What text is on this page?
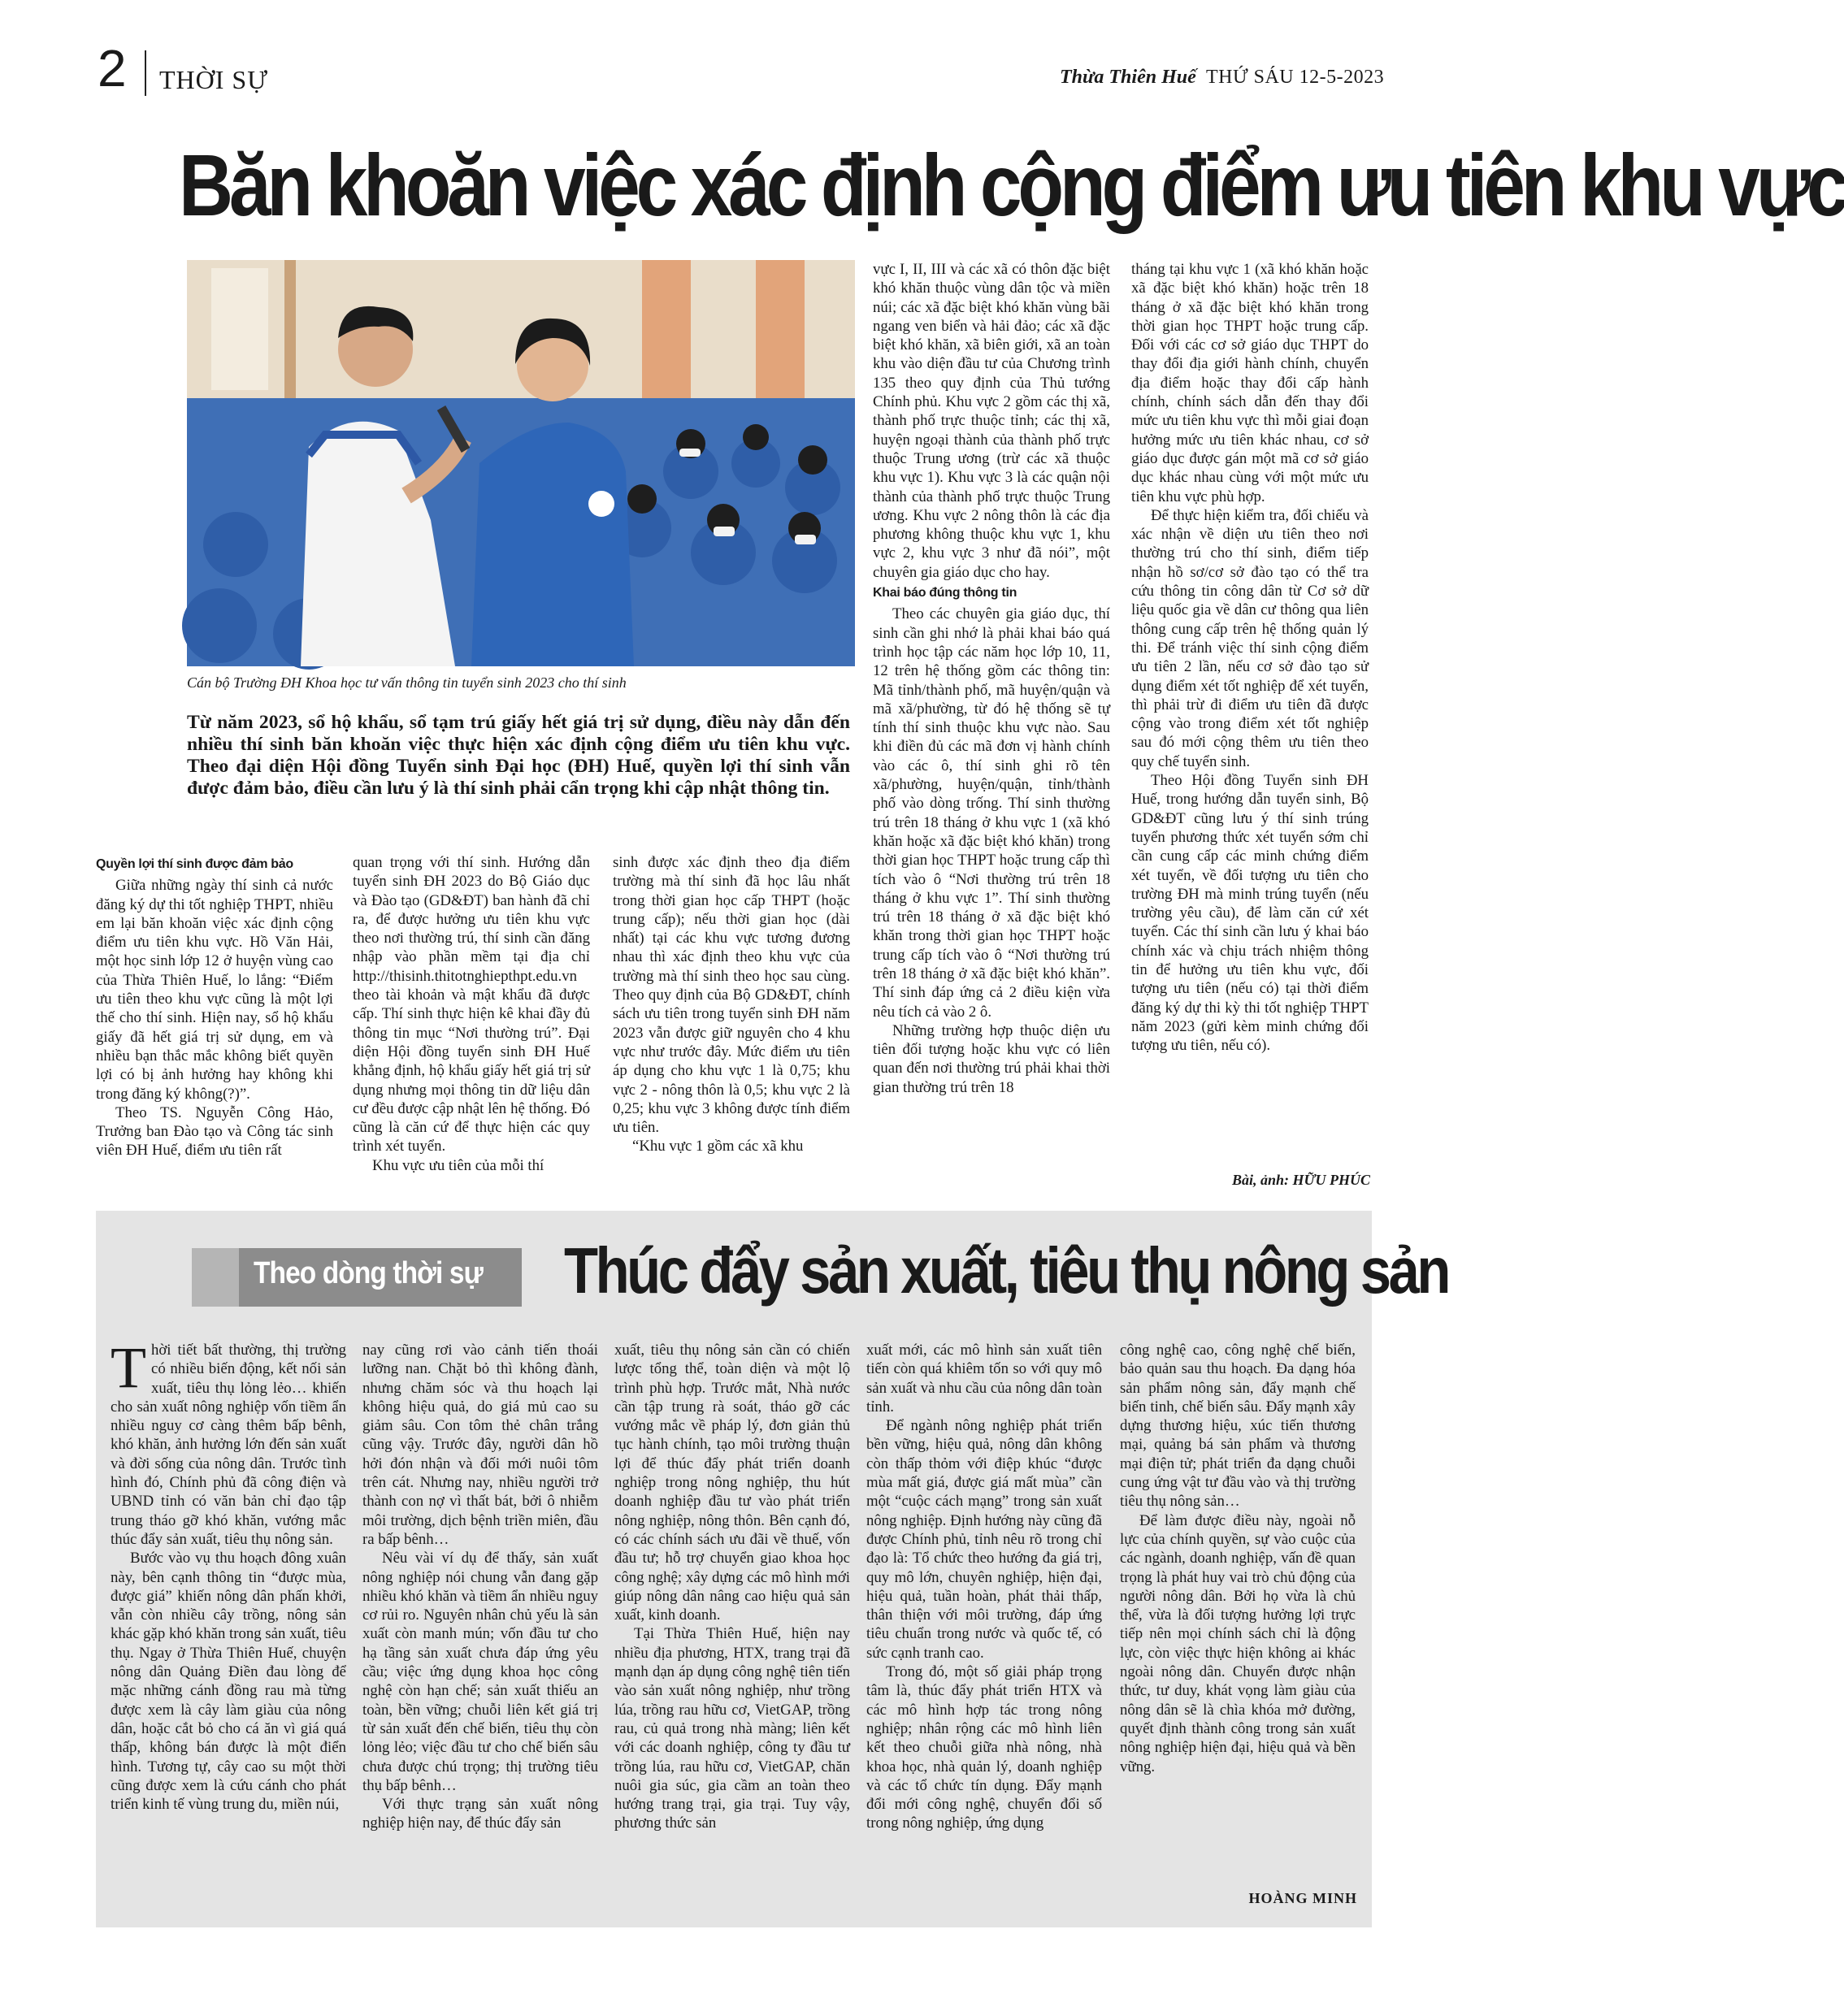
2 THỜI SỰ	Thừa Thiên Huế THỨ SÁU 12-5-2023
Băn khoăn việc xác định cộng điểm ưu tiên khu vực
Cán bộ Trường ĐH Khoa học tư vấn thông tin tuyển sinh 2023 cho thí sinh
Từ năm 2023, sổ hộ khẩu, sổ tạm trú giấy hết giá trị sử dụng, điều này dẫn đến nhiều thí sinh băn khoăn việc thực hiện xác định cộng điểm ưu tiên khu vực. Theo đại diện Hội đồng Tuyển sinh Đại học (ĐH) Huế, quyền lợi thí sinh vẫn được đảm bảo, điều cần lưu ý là thí sinh phải cẩn trọng khi cập nhật thông tin.

Quyền lợi thí sinh được đảm bảo

Giữa những ngày thí sinh cả nước đăng ký dự thi tốt nghiệp THPT, nhiều em lại băn khoăn việc xác định cộng điểm ưu tiên khu vực. Hồ Văn Hải, một học sinh lớp 12 ở huyện vùng cao của Thừa Thiên Huế, lo lắng: “Điểm ưu tiên theo khu vực cũng là một lợi thế cho thí sinh. Hiện nay, sổ hộ khẩu giấy đã hết giá trị sử dụng, em và nhiều bạn thắc mắc không biết quyền lợi có bị ảnh hưởng hay không khi trong đăng ký không(?)”.

Theo TS. Nguyễn Công Hảo, Trưởng ban Đào tạo và Công tác sinh viên ĐH Huế, điểm ưu tiên rất

quan trọng với thí sinh. Hướng dẫn tuyển sinh ĐH 2023 do Bộ Giáo dục và Đào tạo (GD&ĐT) ban hành đã chỉ ra, để được hưởng ưu tiên khu vực theo nơi thường trú, thí sinh cần đăng nhập vào phần mềm tại địa chỉ http://thisinh.thitotnghiepthpt.edu.vn theo tài khoản và mật khẩu đã được cấp. Thí sinh thực hiện kê khai đầy đủ thông tin mục “Nơi thường trú”. Đại diện Hội đồng tuyển sinh ĐH Huế khẳng định, hộ khẩu giấy hết giá trị sử dụng nhưng mọi thông tin dữ liệu dân cư đều được cập nhật lên hệ thống. Đó cũng là căn cứ để thực hiện các quy trình xét tuyển.

Khu vực ưu tiên của mỗi thí

sinh được xác định theo địa điểm trường mà thí sinh đã học lâu nhất trong thời gian học cấp THPT (hoặc trung cấp); nếu thời gian học (dài nhất) tại các khu vực tương đương nhau thì xác định theo khu vực của trường mà thí sinh theo học sau cùng. Theo quy định của Bộ GD&ĐT, chính sách ưu tiên trong tuyển sinh ĐH năm 2023 vẫn được giữ nguyên cho 4 khu vực như trước đây. Mức điểm ưu tiên áp dụng cho khu vực 1 là 0,75; khu vực 2 - nông thôn là 0,5; khu vực 2 là 0,25; khu vực 3 không được tính điểm ưu tiên.

“Khu vực 1 gồm các xã khu

vực I, II, III và các xã có thôn đặc biệt khó khăn thuộc vùng dân tộc và miền núi; các xã đặc biệt khó khăn vùng bãi ngang ven biển và hải đảo; các xã đặc biệt khó khăn, xã biên giới, xã an toàn khu vào diện đầu tư của Chương trình 135 theo quy định của Thủ tướng Chính phủ. Khu vực 2 gồm các thị xã, thành phố trực thuộc tỉnh; các thị xã, huyện ngoại thành của thành phố trực thuộc Trung ương (trừ các xã thuộc khu vực 1). Khu vực 3 là các quận nội thành của thành phố trực thuộc Trung ương. Khu vực 2 nông thôn là các địa phương không thuộc khu vực 1, khu vực 2, khu vực 3 như đã nói”, một chuyên gia giáo dục cho hay.

Khai báo đúng thông tin

Theo các chuyên gia giáo dục, thí sinh cần ghi nhớ là phải khai báo quá trình học tập các năm học lớp 10, 11, 12 trên hệ thống gồm các thông tin: Mã tỉnh/thành phố, mã huyện/quận và mã xã/phường, từ đó hệ thống sẽ tự tính thí sinh thuộc khu vực nào. Sau khi điền đủ các mã đơn vị hành chính vào các ô, thí sinh ghi rõ tên xã/phường, huyện/quận, tỉnh/thành phố vào dòng trống. Thí sinh thường trú trên 18 tháng ở khu vực 1 (xã khó khăn hoặc xã đặc biệt khó khăn) trong thời gian học THPT hoặc trung cấp thì tích vào ô “Nơi thường trú trên 18 tháng ở khu vực 1”. Thí sinh thường trú trên 18 tháng ở xã đặc biệt khó khăn trong thời gian học THPT hoặc trung cấp tích vào ô “Nơi thường trú trên 18 tháng ở xã đặc biệt khó khăn”. Thí sinh đáp ứng cả 2 điều kiện vừa nêu tích cả vào 2 ô.

Những trường hợp thuộc diện ưu tiên đối tượng hoặc khu vực có liên quan đến nơi thường trú phải khai thời gian thường trú trên 18

tháng tại khu vực 1 (xã khó khăn hoặc xã đặc biệt khó khăn) hoặc trên 18 tháng ở xã đặc biệt khó khăn trong thời gian học THPT hoặc trung cấp. Đối với các cơ sở giáo dục THPT do thay đổi địa giới hành chính, chuyển địa điểm hoặc thay đổi cấp hành chính, chính sách dẫn đến thay đổi mức ưu tiên khu vực thì mỗi giai đoạn hưởng mức ưu tiên khác nhau, cơ sở giáo dục được gán một mã cơ sở giáo dục khác nhau cùng với một mức ưu tiên khu vực phù hợp.

Để thực hiện kiểm tra, đối chiếu và xác nhận về diện ưu tiên theo nơi thường trú cho thí sinh, điểm tiếp nhận hồ sơ/cơ sở đào tạo có thể tra cứu thông tin công dân từ Cơ sở dữ liệu quốc gia về dân cư thông qua liên thông cung cấp trên hệ thống quản lý thi. Để tránh việc thí sinh cộng điểm ưu tiên 2 lần, nếu cơ sở đào tạo sử dụng điểm xét tốt nghiệp để xét tuyển, thì phải trừ đi điểm ưu tiên đã được cộng vào trong điểm xét tốt nghiệp sau đó mới cộng thêm ưu tiên theo quy chế tuyển sinh.

Theo Hội đồng Tuyển sinh ĐH Huế, trong hướng dẫn tuyển sinh, Bộ GD&ĐT cũng lưu ý thí sinh trúng tuyển phương thức xét tuyển sớm chỉ cần cung cấp các minh chứng điểm xét tuyển, về đối tượng ưu tiên cho trường ĐH mà minh trúng tuyển (nếu trường yêu cầu), để làm căn cứ xét tuyển. Các thí sinh cần lưu ý khai báo chính xác và chịu trách nhiệm thông tin để hưởng ưu tiên khu vực, đối tượng ưu tiên (nếu có) tại thời điểm đăng ký dự thi kỳ thi tốt nghiệp THPT năm 2023 (gửi kèm minh chứng đối tượng ưu tiên, nếu có).

Bài, ảnh: HỮU PHÚC
Theo dòng thời sự Thúc đẩy sản xuất, tiêu thụ nông sản

Thời tiết bất thường, thị trường có nhiều biến động, kết nối sản xuất, tiêu thụ lỏng lẻo… khiến cho sản xuất nông nghiệp vốn tiềm ẩn nhiều nguy cơ càng thêm bấp bênh, khó khăn, ảnh hưởng lớn đến sản xuất và đời sống của nông dân. Trước tình hình đó, Chính phủ đã công điện và UBND tỉnh có văn bản chỉ đạo tập trung tháo gỡ khó khăn, vướng mắc thúc đẩy sản xuất, tiêu thụ nông sản.

Bước vào vụ thu hoạch đông xuân này, bên cạnh thông tin “được mùa, được giá” khiến nông dân phấn khởi, vẫn còn nhiều cây trồng, nông sản khác gặp khó khăn trong sản xuất, tiêu thụ. Ngay ở Thừa Thiên Huế, chuyện nông dân Quảng Điền đau lòng để mặc những cánh đồng rau mà từng được xem là cây làm giàu của nông dân, hoặc cắt bỏ cho cá ăn vì giá quá thấp, không bán được là một điển hình. Tương tự, cây cao su một thời cũng được xem là cứu cánh cho phát triển kinh tế vùng trung du, miền núi,

nay cũng rơi vào cảnh tiến thoái lưỡng nan. Chặt bỏ thì không đành, nhưng chăm sóc và thu hoạch lại không hiệu quả, do giá mủ cao su giảm sâu. Con tôm thẻ chân trắng cũng vậy. Trước đây, người dân hồ hởi đón nhận và đối mới nuôi tôm trên cát. Nhưng nay, nhiều người trở thành con nợ vì thất bát, bởi ô nhiễm môi trường, dịch bệnh triền miên, đầu ra bấp bênh…

Nêu vài ví dụ để thấy, sản xuất nông nghiệp nói chung vẫn đang gặp nhiều khó khăn và tiềm ẩn nhiều nguy cơ rủi ro. Nguyên nhân chủ yếu là sản xuất còn manh mún; vốn đầu tư cho hạ tầng sản xuất chưa đáp ứng yêu cầu; việc ứng dụng khoa học công nghệ còn hạn chế; sản xuất thiếu an toàn, bền vững; chuỗi liên kết giá trị từ sản xuất đến chế biến, tiêu thụ còn lỏng lẻo; việc đầu tư cho chế biến sâu chưa được chú trọng; thị trường tiêu thụ bấp bênh…

Với thực trạng sản xuất nông nghiệp hiện nay, để thúc đẩy sản

xuất, tiêu thụ nông sản cần có chiến lược tổng thể, toàn diện và một lộ trình phù hợp. Trước mắt, Nhà nước cần tập trung rà soát, tháo gỡ các vướng mắc về pháp lý, đơn giản thủ tục hành chính, tạo môi trường thuận lợi để thúc đẩy phát triển doanh nghiệp trong nông nghiệp, thu hút doanh nghiệp đầu tư vào phát triển nông nghiệp, nông thôn. Bên cạnh đó, có các chính sách ưu đãi về thuế, vốn đầu tư; hỗ trợ chuyển giao khoa học công nghệ; xây dựng các mô hình mới giúp nông dân nâng cao hiệu quả sản xuất, kinh doanh.

Tại Thừa Thiên Huế, hiện nay nhiều địa phương, HTX, trang trại đã mạnh dạn áp dụng công nghệ tiên tiến vào sản xuất nông nghiệp, như trồng lúa, trồng rau hữu cơ, VietGAP, trồng rau, củ quả trong nhà màng; liên kết với các doanh nghiệp, công ty đầu tư trồng lúa, rau hữu cơ, VietGAP, chăn nuôi gia súc, gia cầm an toàn theo hướng trang trại, gia trại. Tuy vậy, phương thức sản

xuất mới, các mô hình sản xuất tiên tiến còn quá khiêm tốn so với quy mô sản xuất và nhu cầu của nông dân toàn tỉnh.

Để ngành nông nghiệp phát triển bền vững, hiệu quả, nông dân không còn thấp thỏm với điệp khúc “được mùa mất giá, được giá mất mùa” cần một “cuộc cách mạng” trong sản xuất nông nghiệp. Định hướng này cũng đã được Chính phủ, tỉnh nêu rõ trong chỉ đạo là: Tổ chức theo hướng đa giá trị, quy mô lớn, chuyên nghiệp, hiện đại, hiệu quả, tuần hoàn, phát thải thấp, thân thiện với môi trường, đáp ứng tiêu chuẩn trong nước và quốc tế, có sức cạnh tranh cao.

Trong đó, một số giải pháp trọng tâm là, thúc đẩy phát triển HTX và các mô hình hợp tác trong nông nghiệp; nhân rộng các mô hình liên kết theo chuỗi giữa nhà nông, nhà khoa học, nhà quản lý, doanh nghiệp và các tổ chức tín dụng. Đẩy mạnh đổi mới công nghệ, chuyển đổi số trong nông nghiệp, ứng dụng

công nghệ cao, công nghệ chế biến, bảo quản sau thu hoạch. Đa dạng hóa sản phẩm nông sản, đẩy mạnh chế biến tinh, chế biến sâu. Đẩy mạnh xây dựng thương hiệu, xúc tiến thương mại, quảng bá sản phẩm và thương mại điện tử; phát triển đa dạng chuỗi cung ứng vật tư đầu vào và thị trường tiêu thụ nông sản…

Để làm được điều này, ngoài nỗ lực của chính quyền, sự vào cuộc của các ngành, doanh nghiệp, vấn đề quan trọng là phát huy vai trò chủ động của người nông dân. Bởi họ vừa là chủ thể, vừa là đối tượng hưởng lợi trực tiếp nên mọi chính sách chỉ là động lực, còn việc thực hiện không ai khác ngoài nông dân. Chuyển được nhận thức, tư duy, khát vọng làm giàu của nông dân sẽ là chìa khóa mở đường, quyết định thành công trong sản xuất nông nghiệp hiện đại, hiệu quả và bền vững.

HOÀNG MINH
